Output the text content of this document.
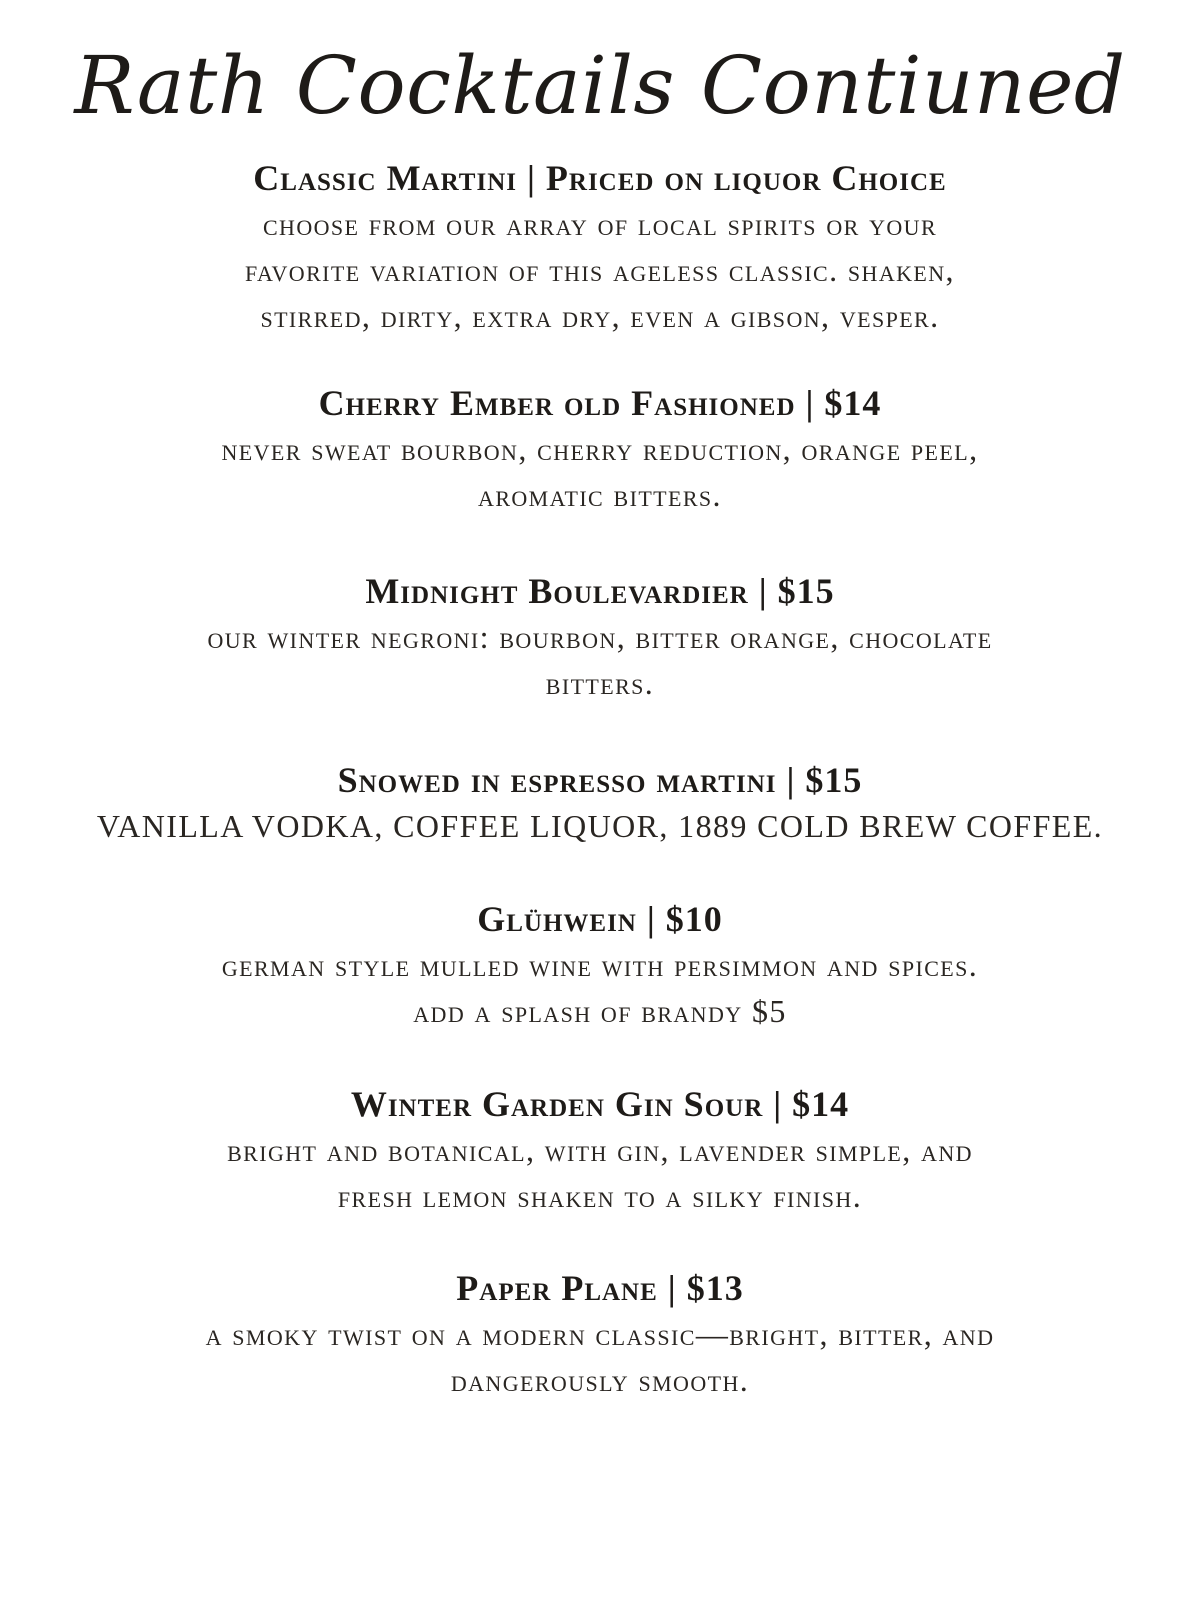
Rath Cocktails Contiuned
Classic Martini | Priced on liquor Choice

choose from our array of local spirits or your
favorite variation of this ageless classic. shaken,
stirred, dirty, extra dry, even a gibson, vesper.

Cherry Ember old Fashioned | $14

never sweat bourbon, cherry reduction, orange peel,
aromatic bitters.

Midnight Boulevardier | $15

our winter negroni: bourbon, bitter orange, chocolate
bitters.

Snowed in espresso martini | $15

VANILLA VODKA, COFFEE LIQUOR, 1889 COLD BREW COFFEE.

Glühwein | $10

german style mulled wine with persimmon and spices.
add a splash of brandy $5

Winter Garden Gin Sour | $14

bright and botanical, with gin, lavender simple, and
fresh lemon shaken to a silky finish.

Paper Plane | $13

a smoky twist on a modern classic—bright, bitter, and
dangerously smooth.
